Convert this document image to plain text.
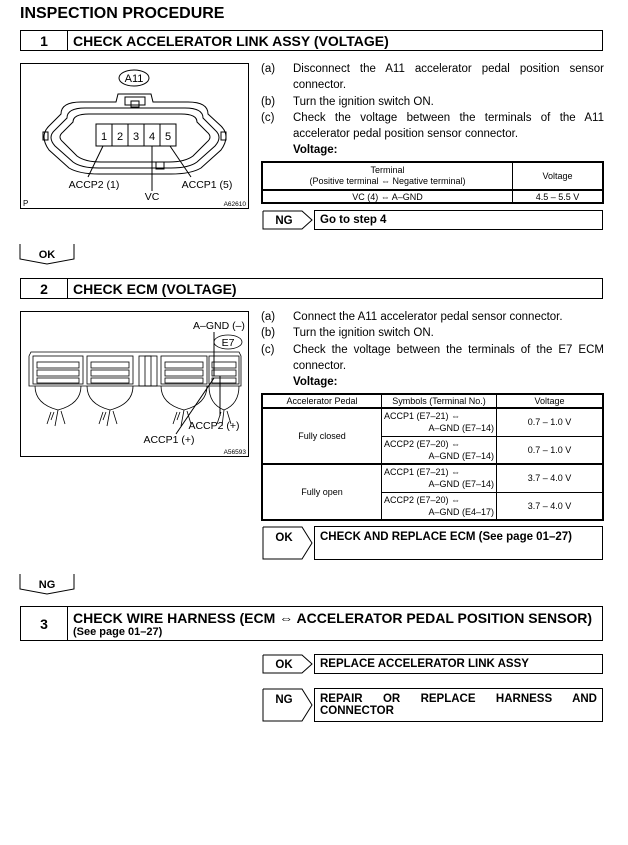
INSPECTION PROCEDURE
1	CHECK ACCELERATOR LINK ASSY (VOLTAGE)
A11
1 2 3 4 5
ACCP2 (1)
VC
ACCP1 (5)
P	A62610
(a)	Disconnect the A11 accelerator pedal position sensor connector.
(b)	Turn the ignition switch ON.
(c)	Check the voltage between the terminals of the A11 accelerator pedal position sensor connector.
Voltage:
Terminal
(Positive terminal ⇔ Negative terminal)	Voltage
VC (4) ⇔ A–GND	4.5 – 5.5 V
NG	Go to step 4
OK
2	CHECK ECM (VOLTAGE)
A–GND (–)
E7
ACCP2 (+)
ACCP1 (+)
A56593
(a)	Connect the A11 accelerator pedal sensor connector.
(b)	Turn the ignition switch ON.
(c)	Check the voltage between the terminals of the E7 ECM connector.
Voltage:
Accelerator Pedal	Symbols (Terminal No.)	Voltage
Fully closed	ACCP1 (E7–21) ⇔
A–GND (E7–14)	0.7 – 1.0 V

	ACCP2 (E7–20) ⇔
A–GND (E7–14)	0.7 – 1.0 V
Fully open	ACCP1 (E7–21) ⇔
A–GND (E7–14)	3.7 – 4.0 V

	ACCP2 (E7–20) ⇔
A–GND (E4–17)	3.7 – 4.0 V
OK	CHECK AND REPLACE ECM (See page 01–27)
NG
3	CHECK WIRE HARNESS (ECM ⇔ ACCELERATOR PEDAL POSITION SENSOR)
(See page 01–27)
OK	REPLACE ACCELERATOR LINK ASSY
NG	REPAIR OR REPLACE HARNESS AND CONNECTOR
